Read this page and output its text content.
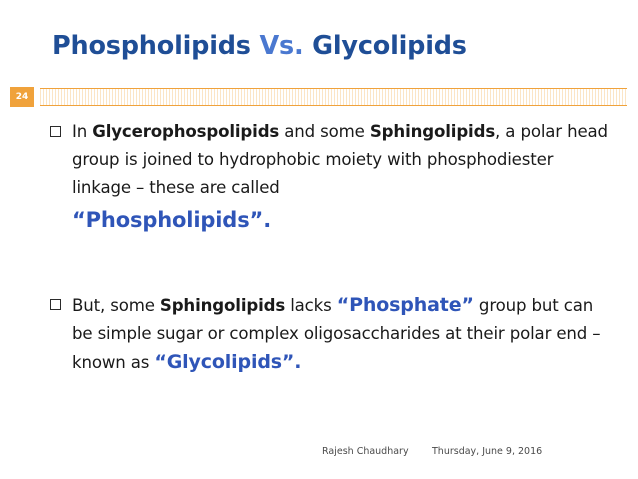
Phospholipids Vs. Glycolipids
24
In Glycerophospolipids and some Sphingolipids, a polar head group is joined to hydrophobic moiety with phosphodiester linkage – these are called
“Phospholipids”.
But, some Sphingolipids lacks “Phosphate” group but can be simple sugar or complex oligosaccharides at their polar end – known as “Glycolipids”.
Rajesh Chaudhary Thursday, June 9, 2016
